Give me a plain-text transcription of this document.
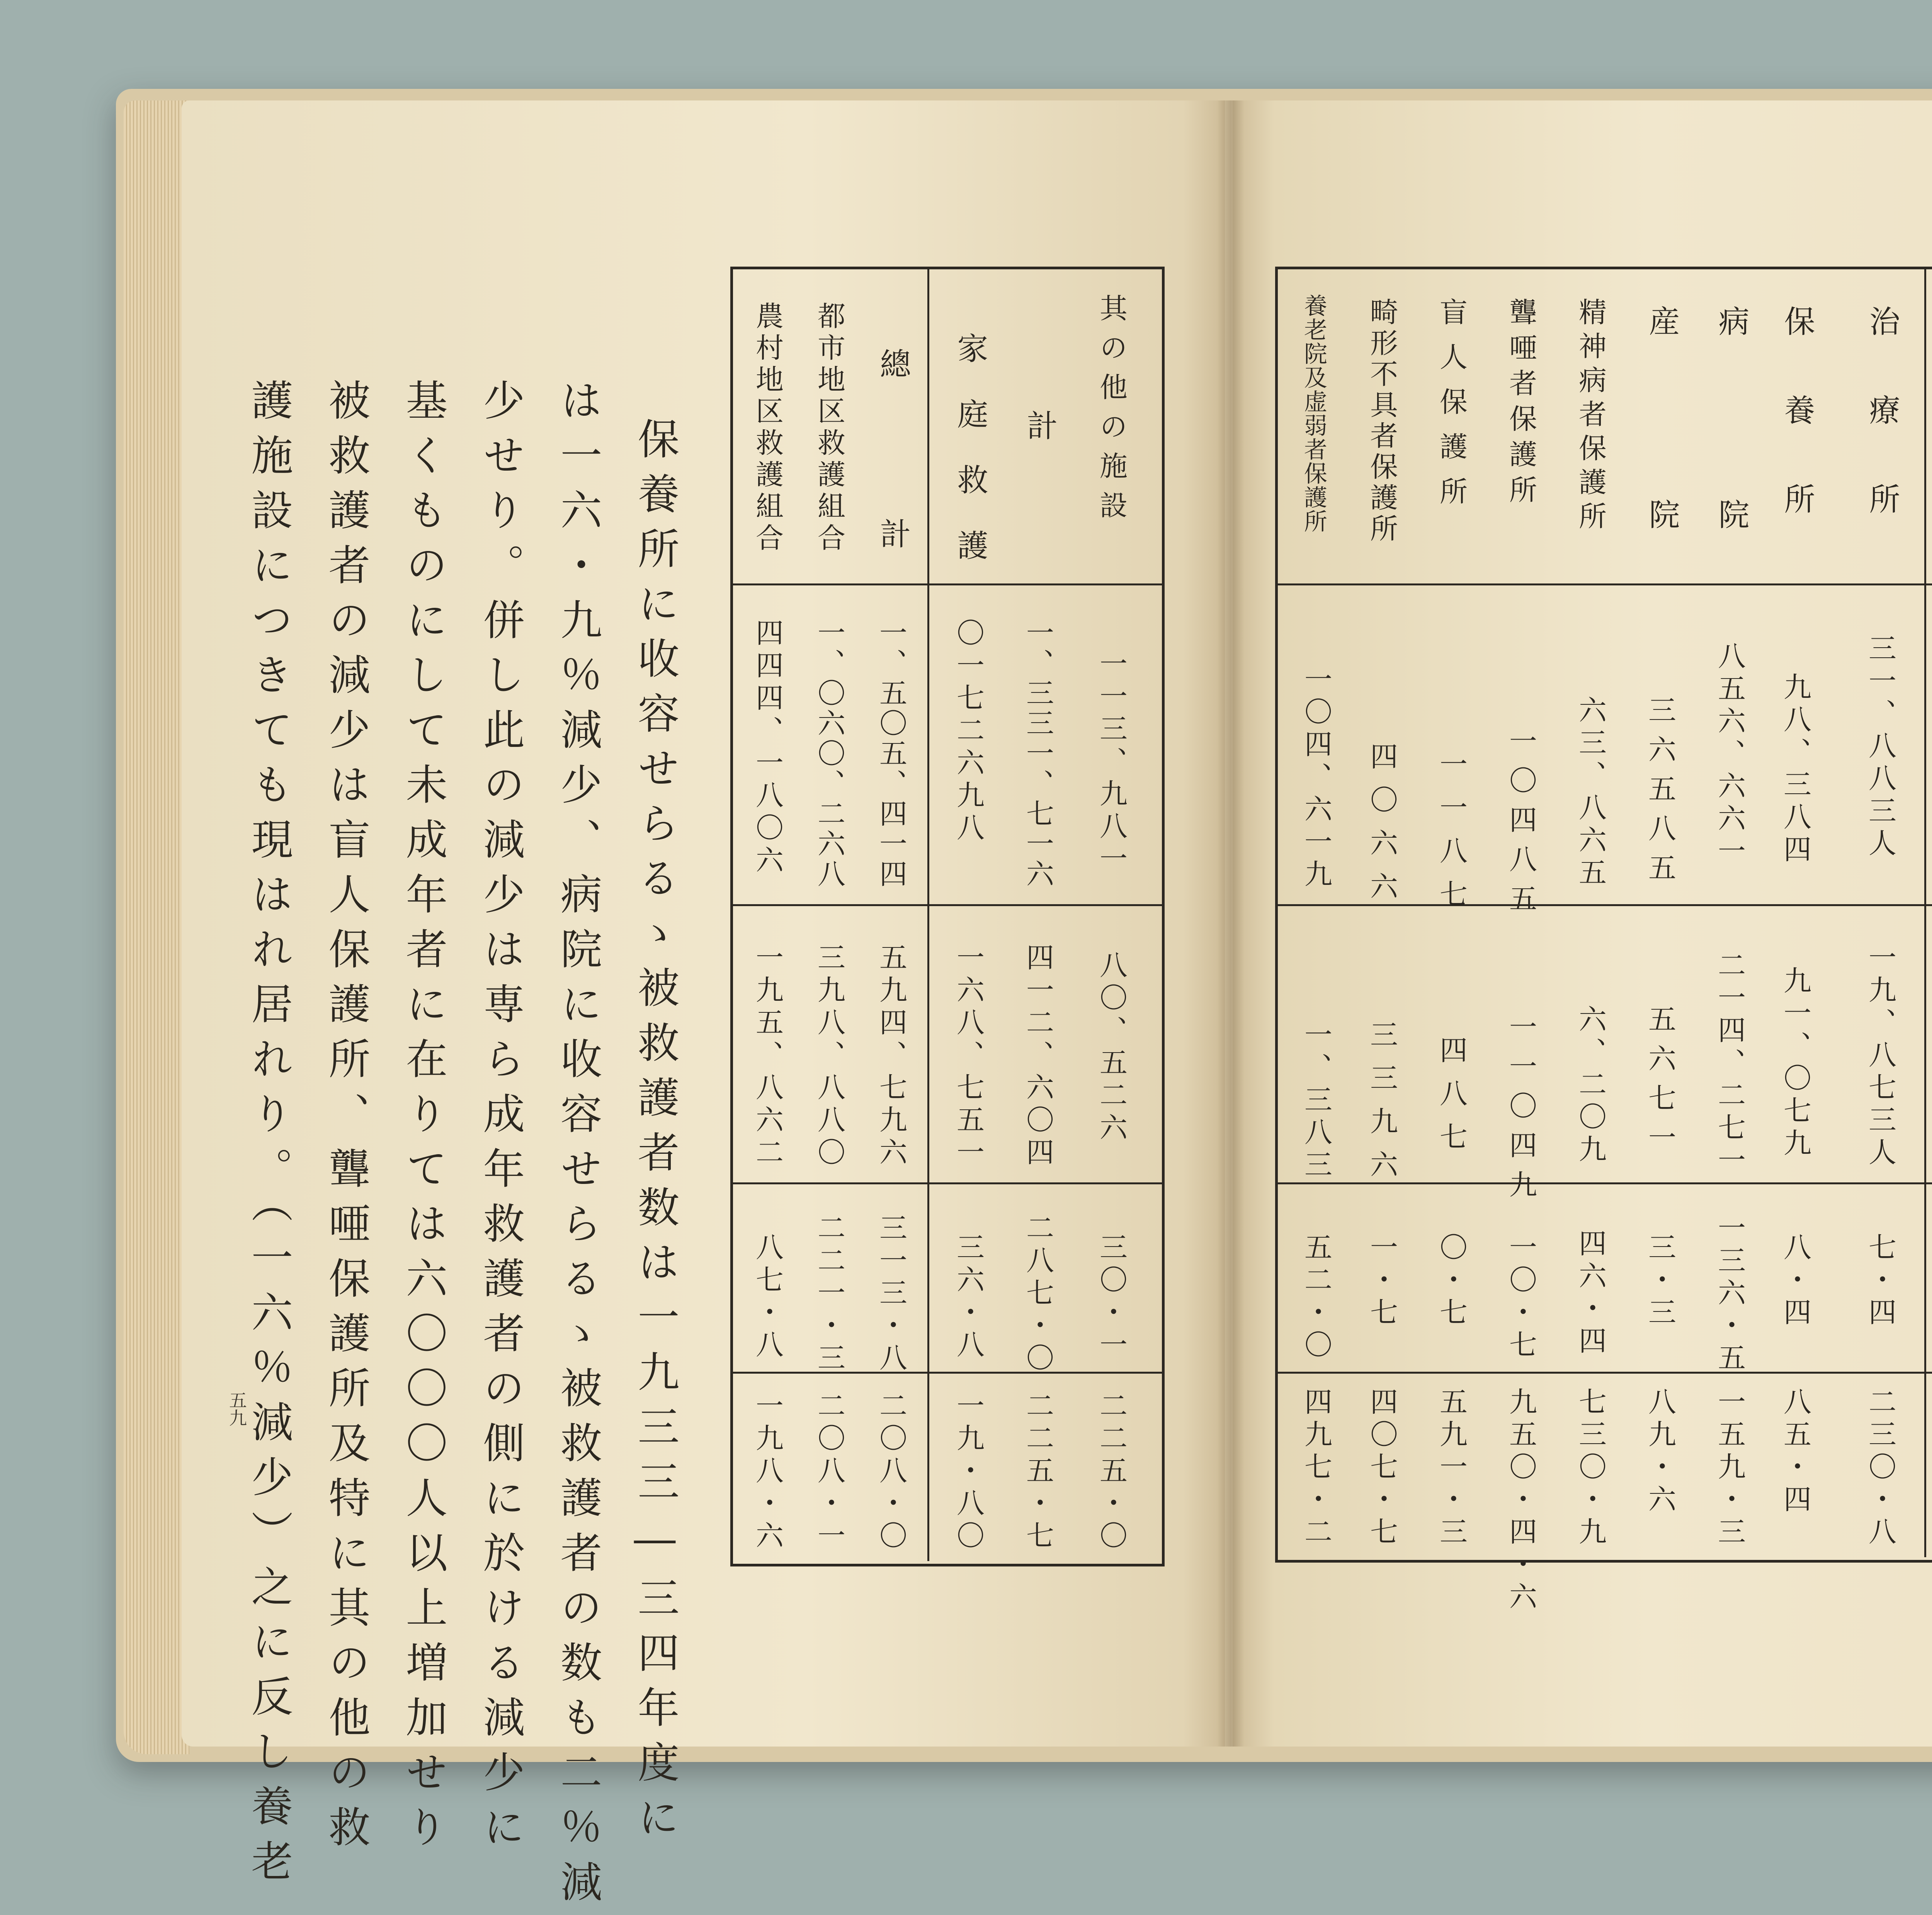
治療所
三一、八八三人
一九、八七三人
七・四
二三〇・八
保養所
九八、三八四
九一、〇七九
八・四
八五・四
病院
八五六、六六一
二一四、二七一
一三六・五
一五九・三
産院
三六五八五
五六七一
三・三
八九・六
精神病者保護所
六三、八六五
六、二〇九
四六・四
七三〇・九
聾唖者保護所
一〇四八五
一一〇四九
一〇・七
九五〇・四・六
盲人保護所
一一八七
四八七
〇・七
五九一・三
畸形不具者保護所
四〇六六
三三九六
一・七
四〇七・七
養老院及虚弱者保護所
一〇四、六一九
一、三八三
五二・〇
四九七・二
五九
其の他の施設
一一三、九八一
八〇、五二六
三〇・一
二二五・〇
計
一、三三一、七一六
四一二、六〇四
二八七・〇
二二五・七
家庭救護
〇一七二六九八
一六八、七五一
三六・八
一九・八〇
總計
一、五〇五、四一四
五九四、七九六
三一三・八
二〇八・〇
都市地区救護組合
一、〇六〇、二六八
三九八、八八〇
二二一・三
二〇八・一
農村地区救護組合
四四四、一八〇六
一九五、八六二
八七・八
一九八・六
保養所に收容せらるゝ被救護者数は一九三三―三四年度に
は一六・九％減少、病院に收容せらるゝ被救護者の数も二％減
少せり。併し此の減少は専ら成年救護者の側に於ける減少に
基くものにして未成年者に在りては六〇〇〇人以上増加せり
被救護者の減少は盲人保護所、聾唖保護所及特に其の他の救
護施設につきても現はれ居れり。（一六％減少）之に反し養老
